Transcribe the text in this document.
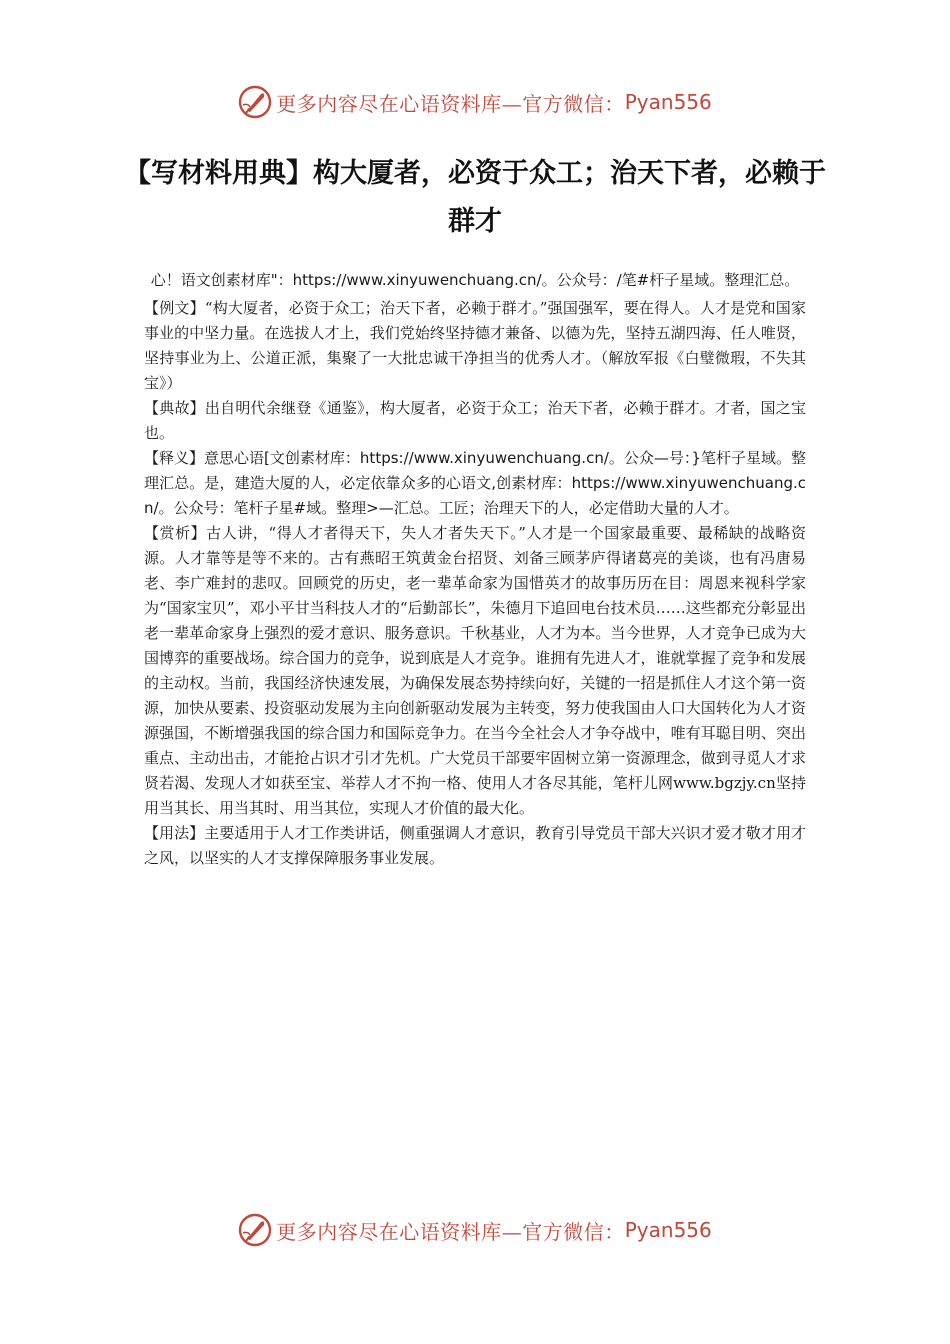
更多内容尽在心语资料库—官方微信： Pyan556
【写材料用典】构大厦者，必资于众工；治天下者，必赖于群才

心！语文创素材库"：https://www.xinyuwenchuang.cn/。公众号：/笔#杆子星域。整理汇总。

【例文】“构大厦者，必资于众工；治天下者，必赖于群才。”强国强军，要在得人。人才是党和国家事业的中坚力量。在选拔人才上，我们党始终坚持德才兼备、以德为先，坚持五湖四海、任人唯贤，坚持事业为上、公道正派，集聚了一大批忠诚干净担当的优秀人才。（解放军报《白璧微瑕，不失其宝》）

【典故】出自明代余继登《通鉴》，构大厦者，必资于众工；治天下者，必赖于群才。才者，国之宝也。

【释义】意思心语[文创素材库：https://www.xinyuwenchuang.cn/。公众—号：}笔杆子星域。整理汇总。是，建造大厦的人，必定依靠众多的心语文,创素材库：https://www.xinyuwenchuang.cn/。公众号：笔杆子星#域。整理>—汇总。工匠；治理天下的人，必定借助大量的人才。

【赏析】古人讲，“得人才者得天下，失人才者失天下。”人才是一个国家最重要、最稀缺的战略资源。人才靠等是等不来的。古有燕昭王筑黄金台招贤、刘备三顾茅庐得诸葛亮的美谈，也有冯唐易老、李广难封的悲叹。回顾党的历史，老一辈革命家为国惜英才的故事历历在目：周恩来视科学家为“国家宝贝”，邓小平甘当科技人才的“后勤部长”，朱德月下追回电台技术员……这些都充分彰显出老一辈革命家身上强烈的爱才意识、服务意识。千秋基业，人才为本。当今世界，人才竞争已成为大国博弈的重要战场。综合国力的竞争，说到底是人才竞争。谁拥有先进人才，谁就掌握了竞争和发展的主动权。当前，我国经济快速发展，为确保发展态势持续向好，关键的一招是抓住人才这个第一资源，加快从要素、投资驱动发展为主向创新驱动发展为主转变，努力使我国由人口大国转化为人才资源强国，不断增强我国的综合国力和国际竞争力。在当今全社会人才争夺战中，唯有耳聪目明、突出重点、主动出击，才能抢占识才引才先机。广大党员干部要牢固树立第一资源理念，做到寻觅人才求贤若渴、发现人才如获至宝、举荐人才不拘一格、使用人才各尽其能，笔杆儿网www.bgzjy.cn坚持用当其长、用当其时、用当其位，实现人才价值的最大化。

【用法】主要适用于人才工作类讲话，侧重强调人才意识，教育引导党员干部大兴识才爱才敬才用才之风，以坚实的人才支撑保障服务事业发展。

更多内容尽在心语资料库—官方微信： Pyan556
